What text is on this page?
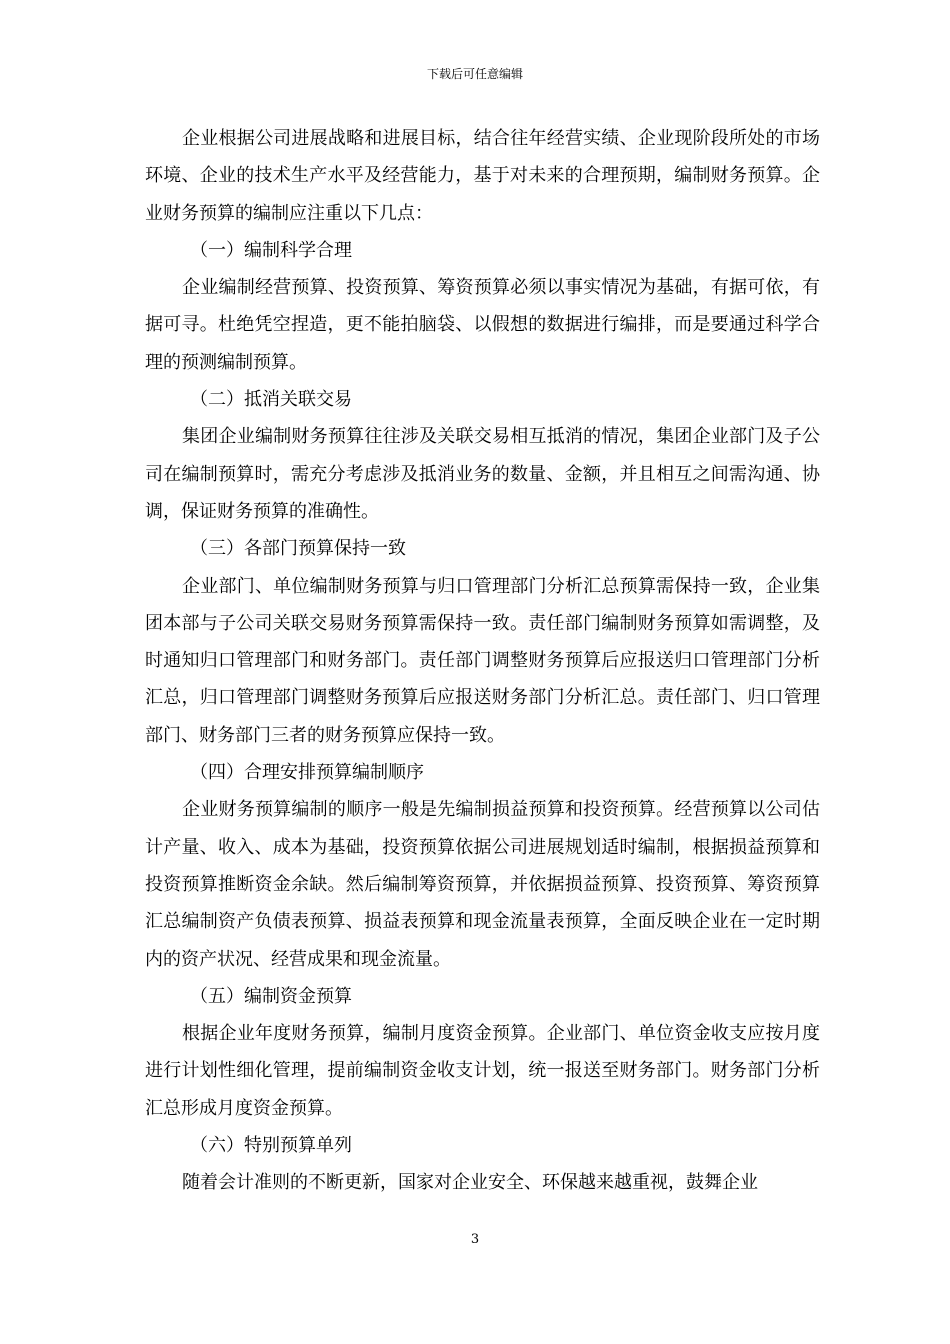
下载后可任意编辑

企业根据公司进展战略和进展目标，结合往年经营实绩、企业现阶段所处的市场环境、企业的技术生产水平及经营能力，基于对未来的合理预期，编制财务预算。企业财务预算的编制应注重以下几点：

（一）编制科学合理

企业编制经营预算、投资预算、筹资预算必须以事实情况为基础，有据可依，有据可寻。杜绝凭空捏造，更不能拍脑袋、以假想的数据进行编排，而是要通过科学合理的预测编制预算。

（二）抵消关联交易

集团企业编制财务预算往往涉及关联交易相互抵消的情况，集团企业部门及子公司在编制预算时，需充分考虑涉及抵消业务的数量、金额，并且相互之间需沟通、协调，保证财务预算的准确性。

（三）各部门预算保持一致

企业部门、单位编制财务预算与归口管理部门分析汇总预算需保持一致，企业集团本部与子公司关联交易财务预算需保持一致。责任部门编制财务预算如需调整，及时通知归口管理部门和财务部门。责任部门调整财务预算后应报送归口管理部门分析汇总，归口管理部门调整财务预算后应报送财务部门分析汇总。责任部门、归口管理部门、财务部门三者的财务预算应保持一致。

（四）合理安排预算编制顺序

企业财务预算编制的顺序一般是先编制损益预算和投资预算。经营预算以公司估计产量、收入、成本为基础，投资预算依据公司进展规划适时编制，根据损益预算和投资预算推断资金余缺。然后编制筹资预算，并依据损益预算、投资预算、筹资预算汇总编制资产负债表预算、损益表预算和现金流量表预算，全面反映企业在一定时期内的资产状况、经营成果和现金流量。

（五）编制资金预算

根据企业年度财务预算，编制月度资金预算。企业部门、单位资金收支应按月度进行计划性细化管理，提前编制资金收支计划，统一报送至财务部门。财务部门分析汇总形成月度资金预算。

（六）特别预算单列

随着会计准则的不断更新，国家对企业安全、环保越来越重视，鼓舞企业

3
